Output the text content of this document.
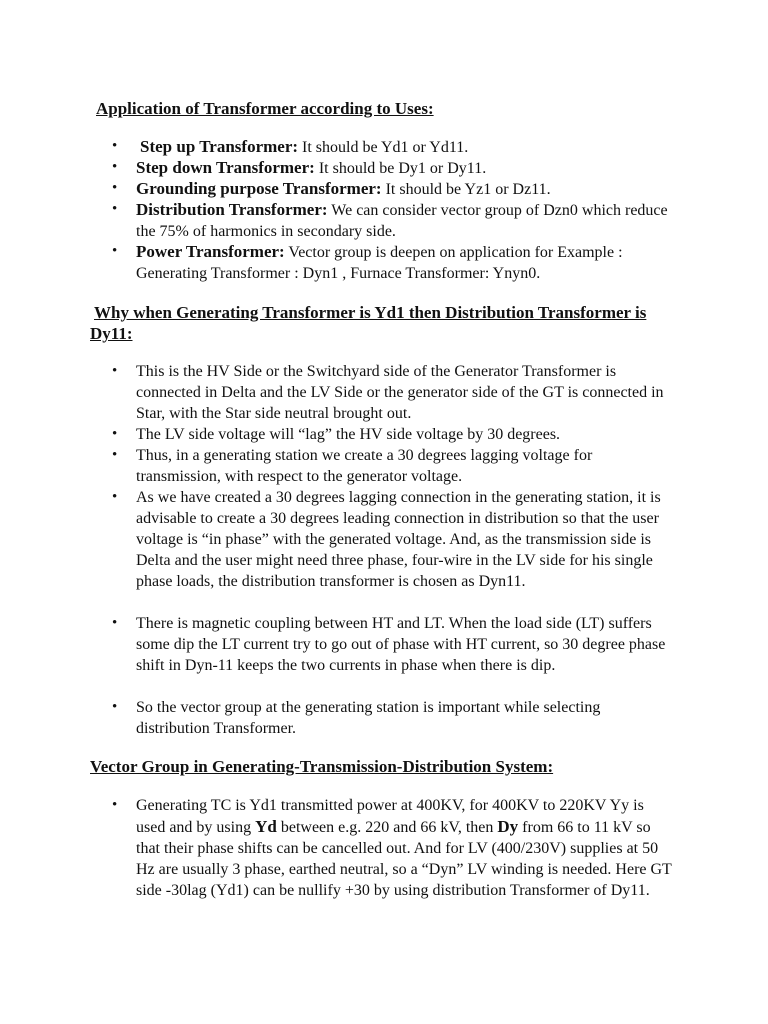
Application of Transformer according to Uses:
• Step up Transformer: It should be Yd1 or Yd11.
• Step down Transformer: It should be Dy1 or Dy11.
• Grounding purpose Transformer: It should be Yz1 or Dz11.
• Distribution Transformer: We can consider vector group of Dzn0 which reduce the 75% of harmonics in secondary side.
• Power Transformer: Vector group is deepen on application for Example : Generating Transformer : Dyn1 , Furnace Transformer: Ynyn0.
Why when Generating Transformer is Yd1 then Distribution Transformer is Dy11:
• This is the HV Side or the Switchyard side of the Generator Transformer is connected in Delta and the LV Side or the generator side of the GT is connected in Star, with the Star side neutral brought out.
• The LV side voltage will “lag” the HV side voltage by 30 degrees.
• Thus, in a generating station we create a 30 degrees lagging voltage for transmission, with respect to the generator voltage.
• As we have created a 30 degrees lagging connection in the generating station, it is advisable to create a 30 degrees leading connection in distribution so that the user voltage is “in phase” with the generated voltage. And, as the transmission side is Delta and the user might need three phase, four-wire in the LV side for his single phase loads, the distribution transformer is chosen as Dyn11.
• There is magnetic coupling between HT and LT. When the load side (LT) suffers some dip the LT current try to go out of phase with HT current, so 30 degree phase shift in Dyn-11 keeps the two currents in phase when there is dip.
• So the vector group at the generating station is important while selecting distribution Transformer.
Vector Group in Generating-Transmission-Distribution System:
• Generating TC is Yd1 transmitted power at 400KV, for 400KV to 220KV Yy is used and by using Yd between e.g. 220 and 66 kV, then Dy from 66 to 11 kV so that their phase shifts can be cancelled out. And for LV (400/230V) supplies at 50 Hz are usually 3 phase, earthed neutral, so a “Dyn” LV winding is needed. Here GT side -30lag (Yd1) can be nullify +30 by using distribution Transformer of Dy11.
